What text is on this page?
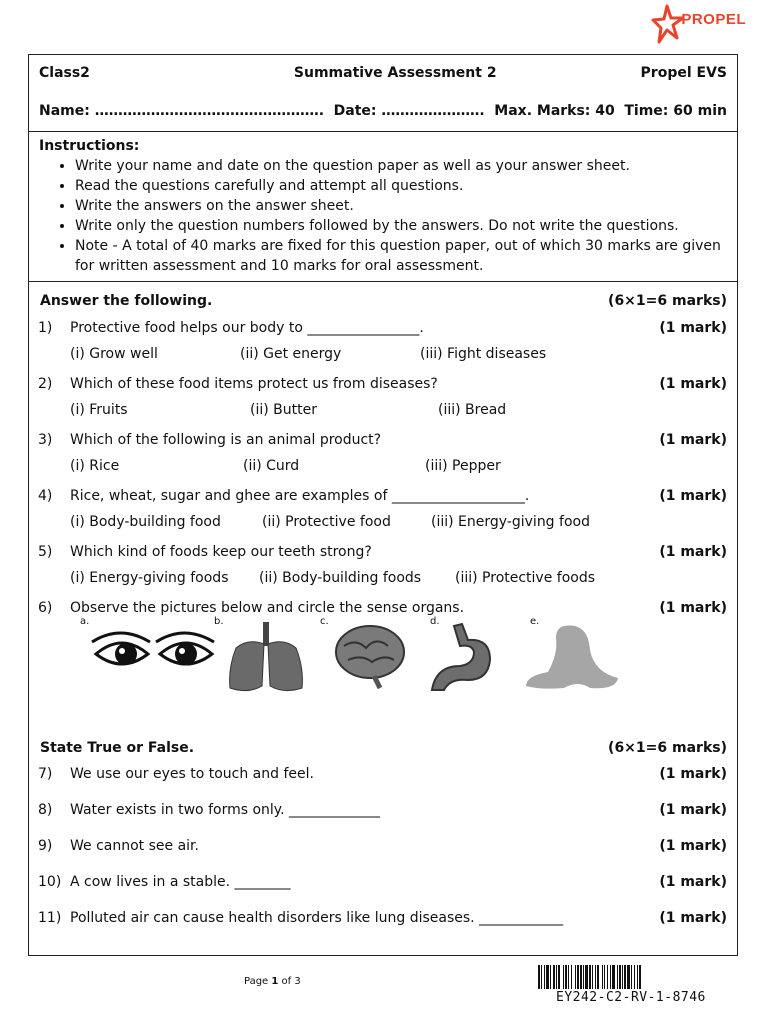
PROPEL
Class2	Summative Assessment 2	Propel EVS
Name: …………………………………………. Date: …………………. Max. Marks: 40 Time: 60 min
Instructions:
• Write your name and date on the question paper as well as your answer sheet.
• Read the questions carefully and attempt all questions.
• Write the answers on the answer sheet.
• Write only the question numbers followed by the answers. Do not write the questions.
• Note - A total of 40 marks are fixed for this question paper, out of which 30 marks are given for written assessment and 10 marks for oral assessment.
Answer the following.	(6×1=6 marks)
1)	Protective food helps our body to ________________.	(1 mark)
(i) Grow well	(ii) Get energy	(iii) Fight diseases
2)	Which of these food items protect us from diseases?	(1 mark)
(i) Fruits	(ii) Butter	(iii) Bread
3)	Which of the following is an animal product?	(1 mark)
(i) Rice	(ii) Curd	(iii) Pepper
4)	Rice, wheat, sugar and ghee are examples of ___________________.	(1 mark)
(i) Body-building food	(ii) Protective food	(iii) Energy-giving food
5)	Which kind of foods keep our teeth strong?	(1 mark)
(i) Energy-giving foods (ii) Body-building foods (iii) Protective foods
6)	Observe the pictures below and circle the sense organs.	(1 mark)
a.	b.	c.	d.	e.
State True or False.	(6×1=6 marks)
7)	We use our eyes to touch and feel.	(1 mark)
8)	Water exists in two forms only. _____________	(1 mark)
9)	We cannot see air.	(1 mark)
10) A cow lives in a stable. ________	(1 mark)
11) Polluted air can cause health disorders like lung diseases. ____________	(1 mark)
Page 1 of 3
EY242-C2-RV-1-8746
